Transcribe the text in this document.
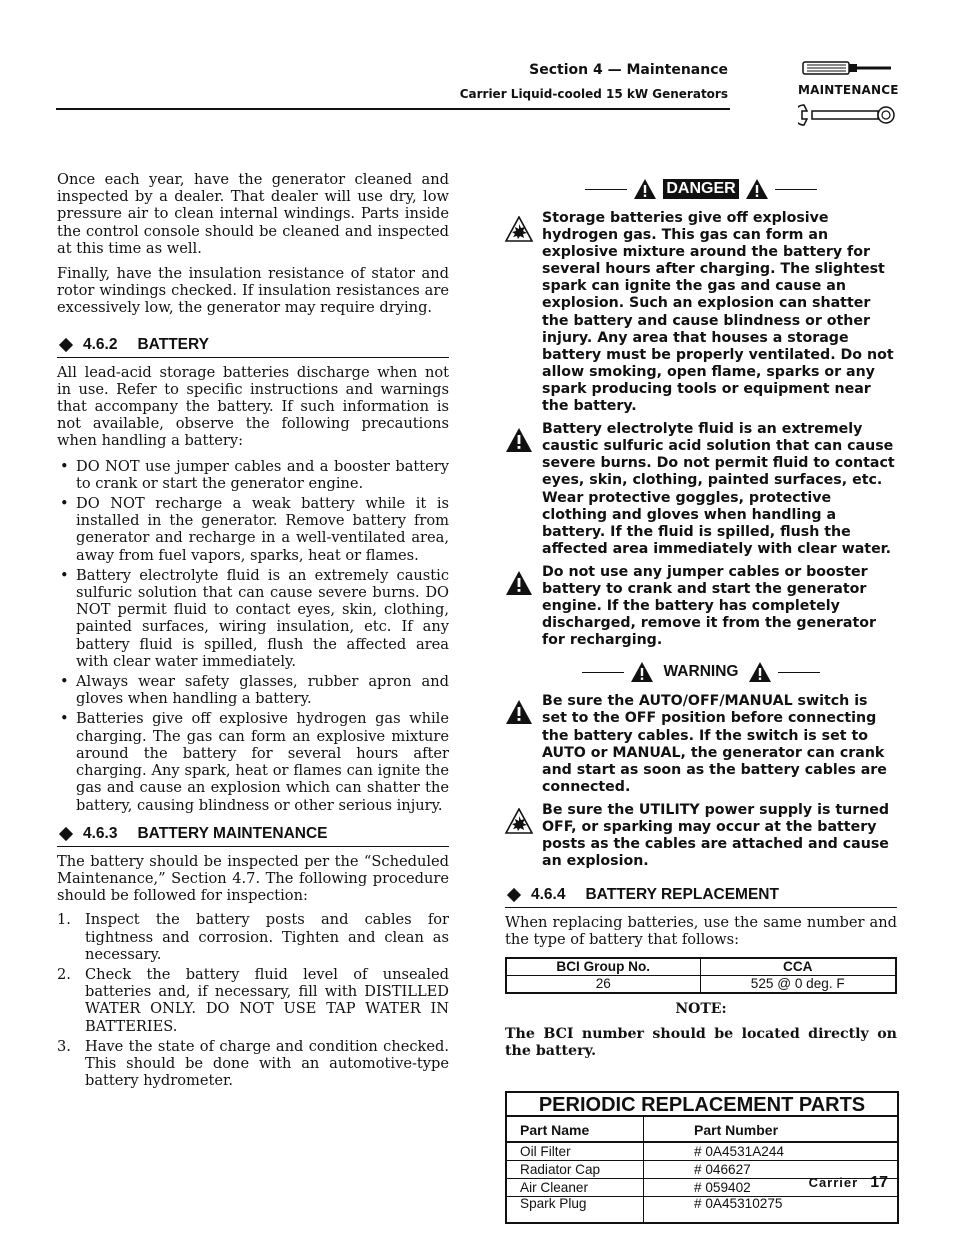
Section 4 — Maintenance
Carrier Liquid-cooled 15 kW Generators	MAINTENANCE

Once each year, have the generator cleaned and inspected by a dealer. That dealer will use dry, low pressure air to clean internal windings. Parts inside the control console should be cleaned and inspected at this time as well.

Finally, have the insulation resistance of stator and rotor windings checked. If insulation resistances are excessively low, the generator may require drying.

4.6.2 BATTERY

All lead-acid storage batteries discharge when not in use. Refer to specific instructions and warnings that accompany the battery. If such information is not available, observe the following precautions when handling a battery:

• DO NOT use jumper cables and a booster battery to crank or start the generator engine.
• DO NOT recharge a weak battery while it is installed in the generator. Remove battery from generator and recharge in a well-ventilated area, away from fuel vapors, sparks, heat or flames.
• Battery electrolyte fluid is an extremely caustic sulfuric solution that can cause severe burns. DO NOT permit fluid to contact eyes, skin, clothing, painted surfaces, wiring insulation, etc. If any battery fluid is spilled, flush the affected area with clear water immediately.
• Always wear safety glasses, rubber apron and gloves when handling a battery.
• Batteries give off explosive hydrogen gas while charging. The gas can form an explosive mixture around the battery for several hours after charging. Any spark, heat or flames can ignite the gas and cause an explosion which can shatter the battery, causing blindness or other serious injury.
4.6.3 BATTERY MAINTENANCE

The battery should be inspected per the “Scheduled Maintenance,” Section 4.7. The following procedure should be followed for inspection:

1. Inspect the battery posts and cables for tightness and corrosion. Tighten and clean as necessary.
2. Check the battery fluid level of unsealed batteries and, if necessary, fill with DISTILLED WATER ONLY. DO NOT USE TAP WATER IN BATTERIES.
3. Have the state of charge and condition checked. This should be done with an automotive-type battery hydrometer.
DANGER
Storage batteries give off explosive hydrogen gas. This gas can form an explosive mixture around the battery for several hours after charging. The slightest spark can ignite the gas and cause an explosion. Such an explosion can shatter the battery and cause blindness or other injury. Any area that houses a storage battery must be properly ventilated. Do not allow smoking, open flame, sparks or any spark producing tools or equipment near the battery.
Battery electrolyte fluid is an extremely caustic sulfuric acid solution that can cause severe burns. Do not permit fluid to contact eyes, skin, clothing, painted surfaces, etc. Wear protective goggles, protective clothing and gloves when handling a battery. If the fluid is spilled, flush the affected area immediately with clear water.
Do not use any jumper cables or booster battery to crank and start the generator engine. If the battery has completely discharged, remove it from the generator for recharging.
WARNING
Be sure the AUTO/OFF/MANUAL switch is set to the OFF position before connecting the battery cables. If the switch is set to AUTO or MANUAL, the generator can crank and start as soon as the battery cables are connected.
Be sure the UTILITY power supply is turned OFF, or sparking may occur at the battery posts as the cables are attached and cause an explosion.
4.6.4 BATTERY REPLACEMENT

When replacing batteries, use the same number and the type of battery that follows:

BCI Group No.	CCA
26	525 @ 0 deg. F
NOTE:
The BCI number should be located directly on the battery.
PERIODIC REPLACEMENT PARTS
Part Name	Part Number
Oil Filter	# 0A4531A244
Radiator Cap	# 046627
Air Cleaner	# 059402
Spark Plug	# 0A45310275
Carrier 17
